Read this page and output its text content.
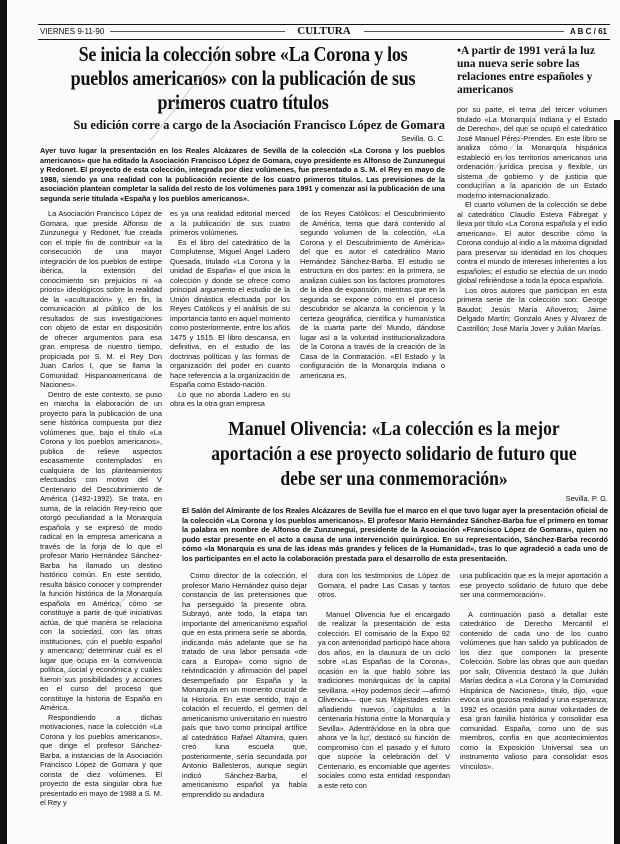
VIERNES 9-11-90	CULTURA	A B C / 61
Se inicia la colección sobre «La Corona y los pueblos americanos» con la publicación de sus primeros cuatro títulos
•A partir de 1991 verá la luz una nueva serie sobre las relaciones entre españoles y americanos
Su edición corre a cargo de la Asociación Francisco López de Gomara
Sevilla. G. C.

Ayer tuvo lugar la presentación en los Reales Alcázares de Sevilla de la colección «La Corona y los pueblos americanos» que ha editado la Asociación Francisco López de Gomara, cuyo presidente es Alfonso de Zunzunegui y Redonet. El proyecto de esta colección, integrada por diez volúmenes, fue presentado a S. M. el Rey en mayo de 1988, siendo ya una realidad con la publicación reciente de los cuatro primeros títulos. Las previsiones de la asociación plantean completar la salida del resto de los volúmenes para 1991 y comenzar así la publicación de una segunda serie titulada «España y los pueblos americanos».

La Asociación Francisco López de Gomara, que preside Alfonso de Zunzunegui y Redonet, fue creada con el triple fin de contribuir «a la consecución de una mayor integración de los pueblos de estirpe ibérica, la extensión del conocimiento sin prejuicios ni «a prioris» ideológicos sobre la realidad de la «aculturación» y, en fin, la comunicación al público de los resultados de sus investigaciones con objeto de estar en disposición de ofrecer argumentos para esa gran empresa de nuestro tiempo, propiciada por S. M. el Rey Don Juan Carlos I, que se llama la Comunidad Hispanoamericana de Naciones».

Dentro de este contexto, se puso en marcha la elaboración de un proyecto para la publicación de una serie histórica compuesta por diez volúmenes que, bajo el título «La Corona y los pueblos americanos», publica de relieve aspectos escasamente contemplados en cualquiera de los planteamientos efectuados con motivo del V Centenario del Descubrimiento de América (1492-1992). Se trata, en suma, de la relación Rey-reino que otorgó peculiaridad a la Monarquía española y se expresó de modo radical en la empresa americana a través de la forja de lo que el profesor Mario Hernández Sánchez-Barba ha llamado un destino histórico común. En este sentido, resulta básico conocer y comprender la función histórica de la Monarquía española en América, cómo se constituye a partir de qué iniciativas actúa, de qué manera se relaciona con la sociedad, con las otras instituciones, con el pueblo español y americano; determinar cuál es el lugar que ocupa en la convivencia política, social y económica y cuáles fueron sus posibilidades y acciones en el curso del proceso que constituye la historia de España en América.

Respondiendo a dichas motivaciones, nace la colección «La Corona y los pueblos americanos», que dirige el profesor Sánchez-Barba, a instancias de la Asociación Francisco López de Gomara y que consta de diez volúmenes. El proyecto de esta singular obra fue presentado en mayo de 1988 a S. M. el Rey y

es ya una realidad editorial merced a la publicación de sus cuatro primeros volúmenes.

Es el libro del catedrático de la Complutense, Miguel Angel Ladero Quesada, titulado «La Corona y la unidad de España» el que inicia la colección y donde se ofrece como principal argumento el estudio de la Unión dinástica efectuada por los Reyes Católicos y el análisis de su importancia tanto en aquel momento como posteriormente, entre los años 1475 y 1515. El libro descansa, en definitiva, en el estudio de las doctrinas políticas y las formas de organización del poder en cuanto hace referencia a la organización de España como Estado-nación.

Lo que no aborda Ladero en su obra es la otra gran empresa

de los Reyes Católicos: el Descubrimiento de América, tema que dará contenido al segundo volumen de la colección, «La Corona y el Descubrimiento de América» del que es autor el catedrático Mario Hernández Sánchez-Barba. El estudio se estructura en dos partes: en la primera, se analizan cuáles son los factores promotores de la idea de expansión, mientras que en la segunda se expone cómo en el proceso descubridor se alcanza la conciencia y la certeza geográfica, científica y humanística de la cuarta parte del Mundo, dándose lugar así a la voluntad institucionalizadora de la Corona a través de la creación de la Casa de la Contratación. «El Estado y la configuración de la Monarquía Indiana o americana es,

por su parte, el tema del tercer volumen titulado «La Monarquía Indiana y el Estado de Derecho», del que se ocupó el catedrático José Manuel Pérez-Prendes. En este libro se analiza cómo la Monarquía hispánica estableció en los territorios americanos una ordenación jurídica precisa y flexible, un sistema de gobierno y de justicia que conducirían a la aparición de un Estado moderno internacionalizado.

El cuarto volumen de la colección se debe al catedrático Claudio Esteva Fábregat y lleva por título «La Corona española y el indio americano». El autor describe cómo la Corona condujo al indio a la máxima dignidad para preservar su identidad en los choques contra el mundo de intereses inherentes a los españoles; el estudio se efectúa de un modo global refiriéndose a toda la época española.

Los otros autores que participan en esta primera serie de la colección son: George Baudot; Jesús María Añoveros; Jaime Delgado Martín; Gonzalo Anes y Alvarez de Castrillón; José María Jover y Julián Marías.

Manuel Olivencia: «La colección es la mejor aportación a ese proyecto solidario de futuro que debe ser una conmemoración»
Sevilla. P. G.

El Salón del Almirante de los Reales Alcázares de Sevilla fue el marco en el que tuvo lugar ayer la presentación oficial de la colección «La Corona y los pueblos americanos». El profesor Mario Hernández Sánchez-Barba fue el primero en tomar la palabra en nombre de Alfonso de Zunzunegui, presidente de la Asociación «Francisco López de Gomara», quien no pudo estar presente en el acto a causa de una intervención quirúrgica. En su representación, Sánchez-Barba recordó cómo «la Monarquía es una de las ideas más grandes y felices de la Humanidad», tras lo que agradeció a cada uno de los participantes en el acto la colaboración prestada para el desarrollo de esta presentación.

Como director de la colección, el profesor Mario Hernández quiso dejar constancia de las pretensiones que ha perseguido la presente obra. Subrayó, ante todo, la etapa tan importante del americanismo español que en esta primera serie se aborda, indicando más adelante que se ha tratado de una labor pensada «de cara a Europa» como signo de reivindicación y afirmación del papel desempeñado por España y la Monarquía en un momento crucial de la Historia. En este sentido, trajo a colación el recuerdo, el germen del americanismo universitario en nuestro país que tuvo como principal artífice al catedrático Rafael Altamira, quien creó luna escuela que, posteriormente, sería secundada por Antonio Ballesteros, aunque según indicó Sánchez-Barba, el americanismo español ya había emprendido su andadura

dura con los testimonios de López de Gomara, el padre Las Casas y tantos otros.

Manuel Olivencia fue el encargado de realizar la presentación de esta colección. El comisario de la Expo 92 ya con anterioridad participó hace ahora dos años, en la clausura de un ciclo sobre «Las Españas de la Corona», ocasión en la que habló sobre las tradiciones monárquicas de la capital sevillana. «Hoy podemos decir —afirmó Olivencia— que sus Majestades están añadiendo nuevos capítulos a la centenaria historia entre la Monarquía y Sevilla». Adentrándose en la obra que ahora ve la luz, destacó su función de compromiso con el pasado y el futuro que supone la celebración del V Centenario, es encomiable que agentes sociales como esta entidad respondan a este reto con

una publicación que es la mejor aportación a ese proyecto solidario de futuro que debe ser una conmemoración».

A continuación pasó a detallar este catedrático de Derecho Mercantil el contenido de cada uno de los cuatro volúmenes que han salido ya publicados de los diez que componen la presente Colección. Sobre las obras que aun quedan por salir, Olivencia destacó la que Julián Marías dedica a «La Corona y la Comunidad Hispánica de Naciones», título, dijo, «que evoca una gozosa realidad y una esperanza; 1992 es ocasión para aunar voluntades de esa gran familia histórica y consolidar esa comunidad. España, como uno de sus miembros, confía en que acontecimientos como la Exposición Universal sea un instrumento valioso para consolidar esos vínculos».
